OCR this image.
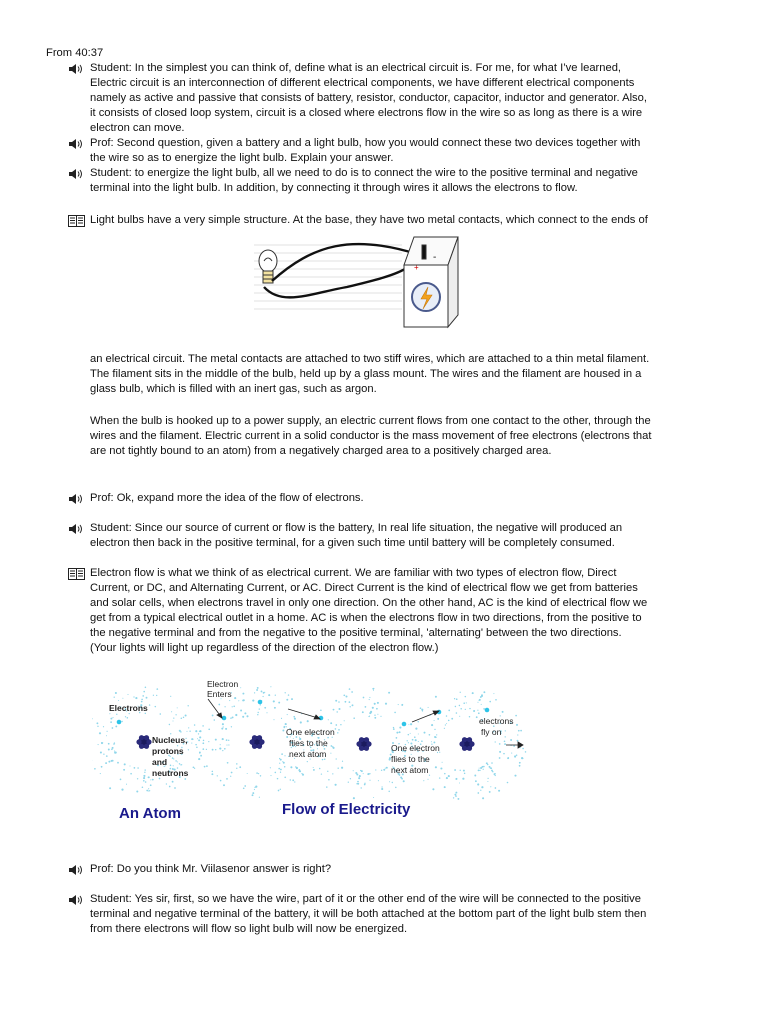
From 40:37
Student: In the simplest you can think of, define what is an electrical circuit is. For me, for what I’ve learned,
Electric circuit is an interconnection of different electrical components, we have different electrical components
namely as active and passive that consists of battery, resistor, conductor, capacitor, inductor and generator. Also,
it consists of closed loop system, circuit is a closed where electrons flow in the wire so as long as there is a wire
electron can move.
Prof: Second question, given a battery and a light bulb, how you would connect these two devices together with
the wire so as to energize the light bulb. Explain your answer.
Student: to energize the light bulb, all we need to do is to connect the wire to the positive terminal and negative
terminal into the light bulb. In addition, by connecting it through wires it allows the electrons to flow.
Light bulbs have a very simple structure. At the base, they have two metal contacts, which connect to the ends of
+
-
an electrical circuit. The metal contacts are attached to two stiff wires, which are attached to a thin metal filament.
The filament sits in the middle of the bulb, held up by a glass mount. The wires and the filament are housed in a
glass bulb, which is filled with an inert gas, such as argon.
When the bulb is hooked up to a power supply, an electric current flows from one contact to the other, through the
wires and the filament. Electric current in a solid conductor is the mass movement of free electrons (electrons that
are not tightly bound to an atom) from a negatively charged area to a positively charged area.
Prof: Ok, expand more the idea of the flow of electrons.
Student: Since our source of current or flow is the battery, In real life situation, the negative will produced an
electron then back in the positive terminal, for a given such time until battery will be completely consumed.
Electron flow is what we think of as electrical current. We are familiar with two types of electron flow, Direct
Current, or DC, and Alternating Current, or AC. Direct Current is the kind of electrical flow we get from batteries
and solar cells, when electrons travel in only one direction. On the other hand, AC is the kind of electrical flow we
get from a typical electrical outlet in a home. AC is when the electrons flow in two directions, from the positive to
the negative terminal and from the negative to the positive terminal, 'alternating' between the two directions.
(Your lights will light up regardless of the direction of the electron flow.)
Electrons
Nucleus,
protons
and
neutrons
Electron
Enters
One electron
flies to the
next atom
One electron
flies to the
next atom
electrons
fly on
An Atom	Flow of Electricity
Prof: Do you think Mr. Viilasenor answer is right?
Student: Yes sir, first, so we have the wire, part of it or the other end of the wire will be connected to the positive
terminal and negative terminal of the battery, it will be both attached at the bottom part of the light bulb stem then
from there electrons will flow so light bulb will now be energized.
